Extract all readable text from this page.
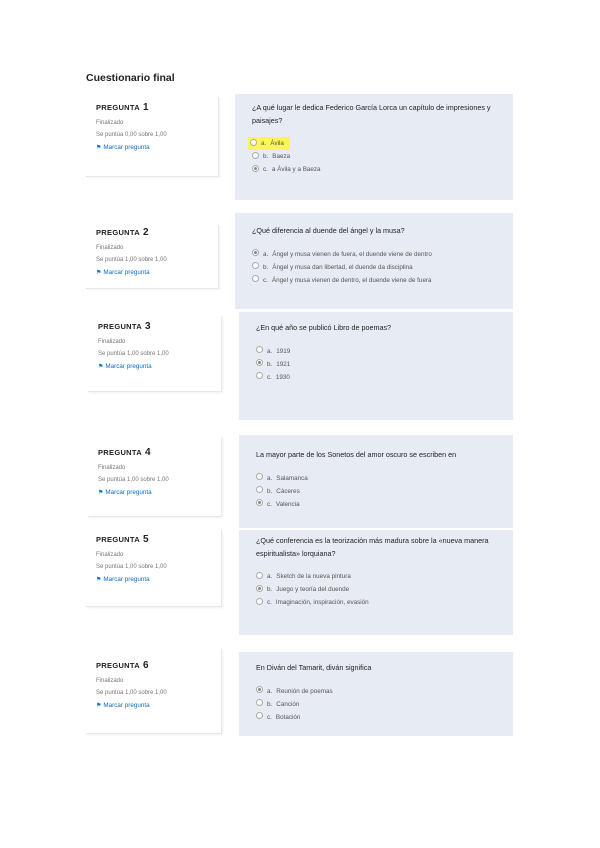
Cuestionario final
PREGUNTA 1
Finalizado
Se puntúa 0,00 sobre 1,00
⚑ Marcar pregunta
¿A qué lugar le dedica Federico García Lorca un capítulo de impresiones y paisajes?
a. Ávila
b. Baeza
c. a Ávila y a Baeza
PREGUNTA 2
Finalizado
Se puntúa 1,00 sobre 1,00
⚑ Marcar pregunta
¿Qué diferencia al duende del ángel y la musa?
a. Ángel y musa vienen de fuera, el duende viene de dentro
b. Ángel y musa dan libertad, el duende da disciplina
c. Ángel y musa vienen de dentro, el duende viene de fuera
PREGUNTA 3
Finalizado
Se puntúa 1,00 sobre 1,00
⚑ Marcar pregunta
¿En qué año se publicó Libro de poemas?
a. 1919
b. 1921
c. 1930
PREGUNTA 4
Finalizado
Se puntúa 1,00 sobre 1,00
⚑ Marcar pregunta
La mayor parte de los Sonetos del amor oscuro se escriben en
a. Salamanca
b. Cáceres
c. Valencia
PREGUNTA 5
Finalizado
Se puntúa 1,00 sobre 1,00
⚑ Marcar pregunta
¿Qué conferencia es la teorización más madura sobre la «nueva manera espiritualista» lorquiana?
a. Sketch de la nueva pintura
b. Juego y teoría del duende
c. Imaginación, inspiración, evasión
PREGUNTA 6
Finalizado
Se puntúa 1,00 sobre 1,00
⚑ Marcar pregunta
En Diván del Tamarit, diván significa
a. Reunión de poemas
b. Canción
c. Botación
